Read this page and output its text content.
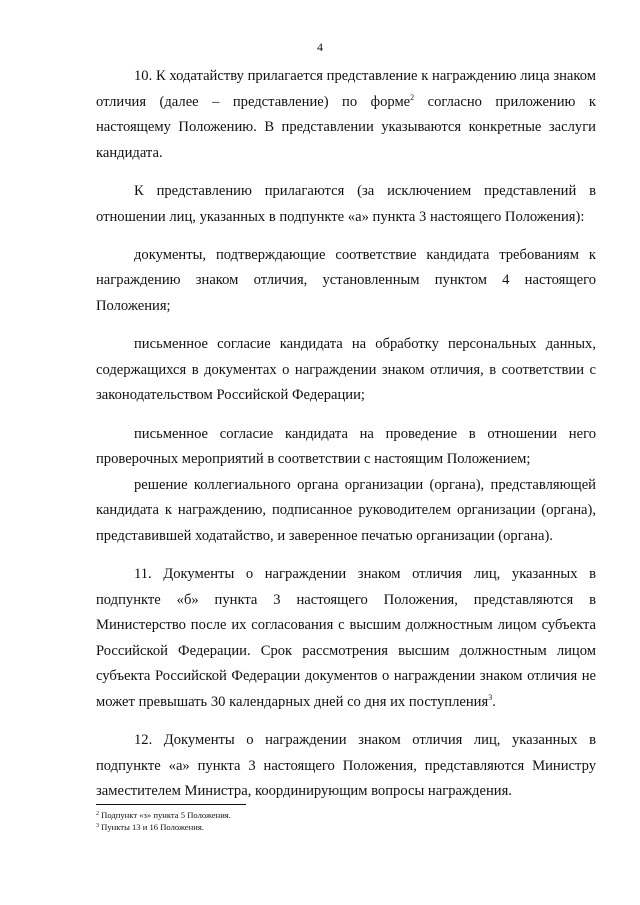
4

10. К ходатайству прилагается представление к награждению лица знаком отличия (далее – представление) по форме$^2$ согласно приложению к настоящему Положению. В представлении указываются конкретные заслуги кандидата.

К представлению прилагаются (за исключением представлений в отношении лиц, указанных в подпункте «а» пункта 3 настоящего Положения):

документы, подтверждающие соответствие кандидата требованиям к награждению знаком отличия, установленным пунктом 4 настоящего Положения;

письменное согласие кандидата на обработку персональных данных, содержащихся в документах о награждении знаком отличия, в соответствии с законодательством Российской Федерации;

письменное согласие кандидата на проведение в отношении него проверочных мероприятий в соответствии с настоящим Положением;

решение коллегиального органа организации (органа), представляющей кандидата к награждению, подписанное руководителем организации (органа), представившей ходатайство, и заверенное печатью организации (органа).

11. Документы о награждении знаком отличия лиц, указанных в подпункте «б» пункта 3 настоящего Положения, представляются в Министерство после их согласования с высшим должностным лицом субъекта Российской Федерации. Срок рассмотрения высшим должностным лицом субъекта Российской Федерации документов о награждении знаком отличия не может превышать 30 календарных дней со дня их поступления$^3$.

12. Документы о награждении знаком отличия лиц, указанных в подпункте «а» пункта 3 настоящего Положения, представляются Министру заместителем Министра, координирующим вопросы награждения.

$^2$ Подпункт «з» пункта 5 Положения.
$^3$ Пункты 13 и 16 Положения.
